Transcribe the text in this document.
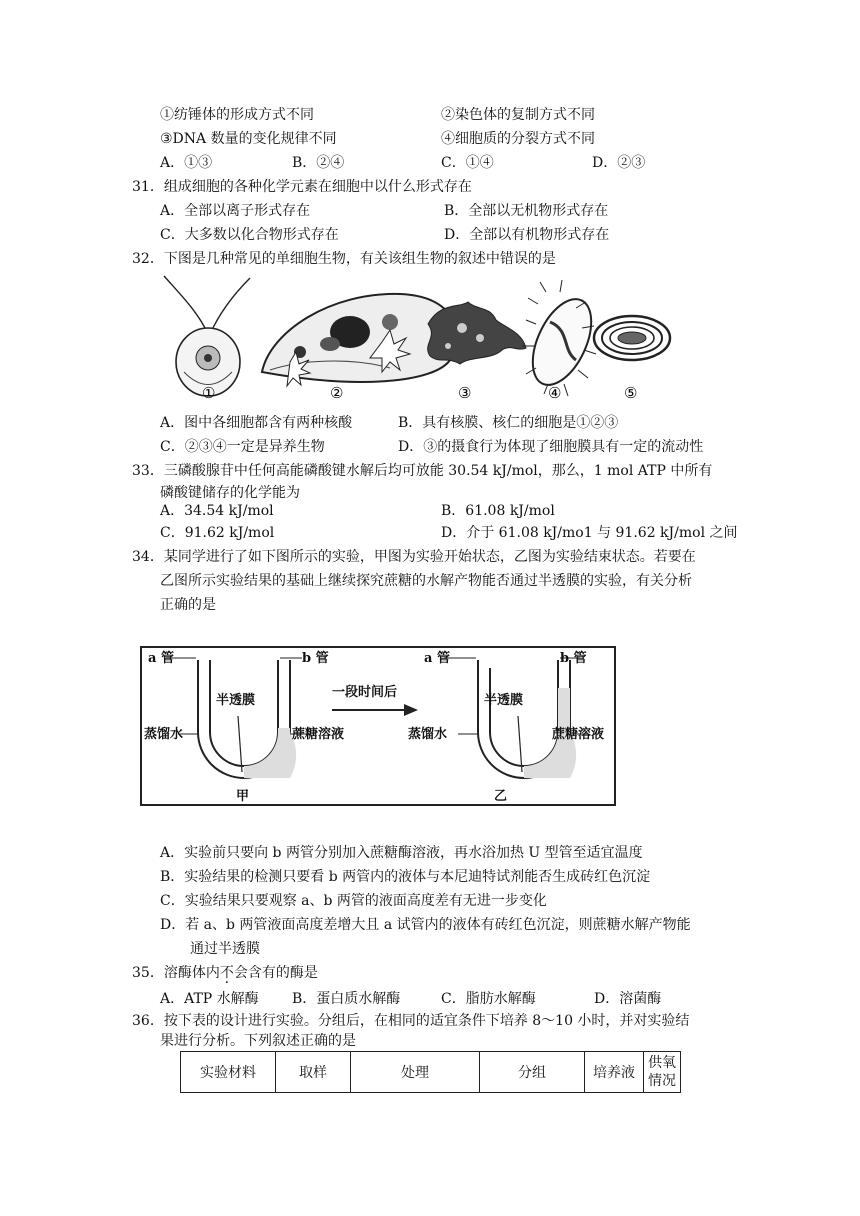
①纺锤体的形成方式不同	②染色体的复制方式不同
③DNA 数量的变化规律不同	④细胞质的分裂方式不同
A．①③	B．②④	C．①④	D．②③
31．组成细胞的各种化学元素在细胞中以什么形式存在
A．全部以离子形式存在	B．全部以无机物形式存在
C．大多数以化合物形式存在	D．全部以有机物形式存在
32．下图是几种常见的单细胞生物，有关该组生物的叙述中错误的是
①	②	③	④	⑤
A．图中各细胞都含有两种核酸	B．具有核膜、核仁的细胞是①②③
C．②③④一定是异养生物	D．③的摄食行为体现了细胞膜具有一定的流动性
33．三磷酸腺苷中任何高能磷酸键水解后均可放能 30.54 kJ/mol，那么，1 mol ATP 中所有
磷酸键储存的化学能为
A．34.54 kJ/mol	B．61.08 kJ/mol
C．91.62 kJ/mol	D．介于 61.08 kJ/mo1 与 91.62 kJ/mol 之间
34．某同学进行了如下图所示的实验，甲图为实验开始状态，乙图为实验结束状态。若要在
乙图所示实验结果的基础上继续探究蔗糖的水解产物能否通过半透膜的实验，有关分析
正确的是
a 管	b 管
半透膜
蒸馏水	蔗糖溶液
甲
一段时间后
a 管	b 管
半透膜
蒸馏水	蔗糖溶液
乙
A．实验前只要向 b 两管分别加入蔗糖酶溶液，再水浴加热 U 型管至适宜温度
B．实验结果的检测只要看 b 两管内的液体与本尼迪特试剂能否生成砖红色沉淀
C．实验结果只要观察 a、b 两管的液面高度差有无进一步变化
D．若 a、b 两管液面高度差增大且 a 试管内的液体有砖红色沉淀，则蔗糖水解产物能
通过半透膜
35．溶酶体内不会含有的酶是
A．ATP 水解酶 B．蛋白质水解酶	C．脂肪水解酶	D．溶菌酶
36．按下表的设计进行实验。分组后，在相同的适宜条件下培养 8～10 小时，并对实验结
果进行分析。下列叙述正确的是
实验材料	取样	处理	分组	培养液	供氧
情况
